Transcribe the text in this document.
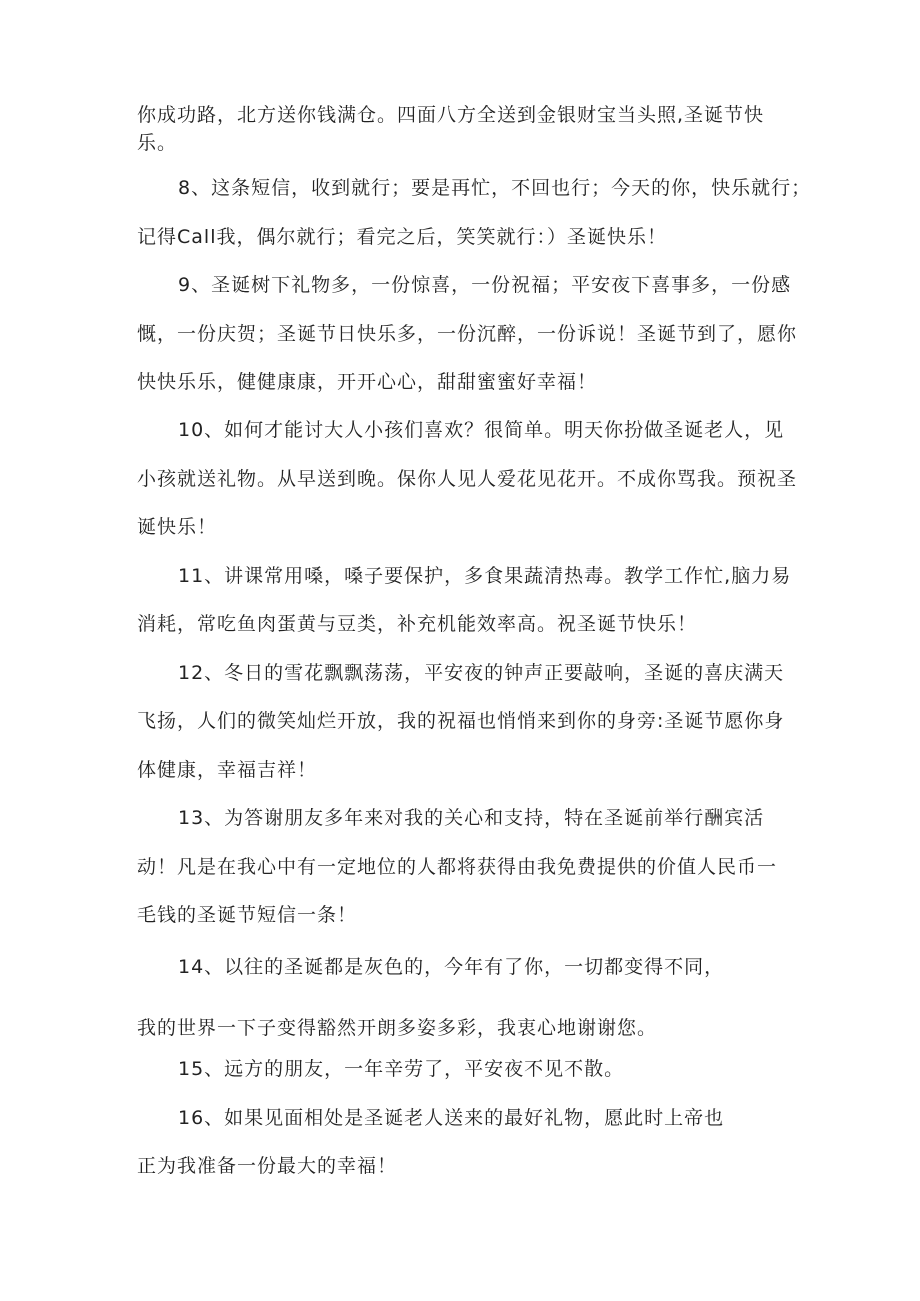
你成功路，北方送你钱满仓。四面八方全送到金银财宝当头照,圣诞节快
乐。
8、这条短信，收到就行；要是再忙，不回也行；今天的你，快乐就行；
记得Call我，偶尔就行；看完之后，笑笑就行：）圣诞快乐！
9、圣诞树下礼物多，一份惊喜，一份祝福；平安夜下喜事多，一份感
慨，一份庆贺；圣诞节日快乐多，一份沉醉，一份诉说！圣诞节到了，愿你
快快乐乐，健健康康，开开心心，甜甜蜜蜜好幸福！
10、如何才能讨大人小孩们喜欢？很简单。明天你扮做圣诞老人，见
小孩就送礼物。从早送到晚。保你人见人爱花见花开。不成你骂我。预祝圣
诞快乐！
11、讲课常用嗓，嗓子要保护，多食果蔬清热毒。教学工作忙,脑力易
消耗，常吃鱼肉蛋黄与豆类，补充机能效率高。祝圣诞节快乐！
12、冬日的雪花飘飘荡荡，平安夜的钟声正要敲响，圣诞的喜庆满天
飞扬，人们的微笑灿烂开放，我的祝福也悄悄来到你的身旁:圣诞节愿你身
体健康，幸福吉祥！
13、为答谢朋友多年来对我的关心和支持，特在圣诞前举行酬宾活
动！凡是在我心中有一定地位的人都将获得由我免费提供的价值人民币一
毛钱的圣诞节短信一条！
14、以往的圣诞都是灰色的，今年有了你，一切都变得不同，
我的世界一下子变得豁然开朗多姿多彩，我衷心地谢谢您。
15、远方的朋友，一年辛劳了，平安夜不见不散。
16、如果见面相处是圣诞老人送来的最好礼物，愿此时上帝也
正为我准备一份最大的幸福！
